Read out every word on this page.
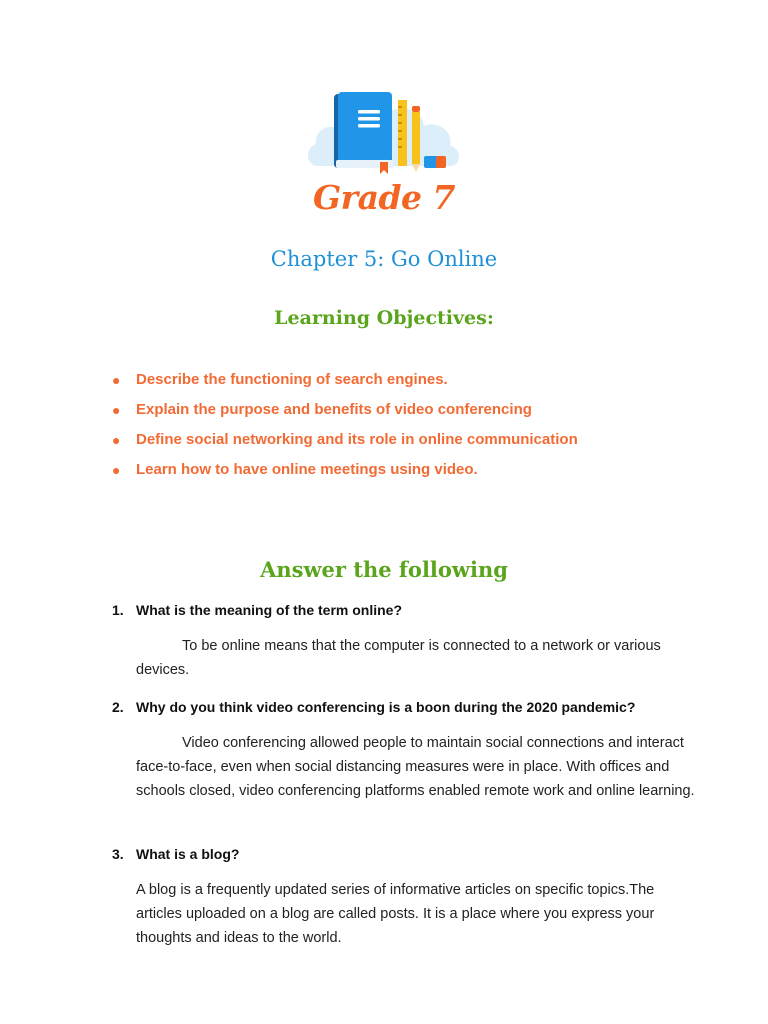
Grade 7
Chapter 5: Go Online
Learning Objectives:
● Describe the functioning of search engines.
● Explain the purpose and benefits of video conferencing
● Define social networking and its role in online communication
● Learn how to have online meetings using video.
Answer the following
1. What is the meaning of the term online?
To be online means that the computer is connected to a network or various devices.
2. Why do you think video conferencing is a boon during the 2020 pandemic?
Video conferencing allowed people to maintain social connections and interact face-to-face, even when social distancing measures were in place. With offices and schools closed, video conferencing platforms enabled remote work and online learning.
3. What is a blog?
A blog is a frequently updated series of informative articles on specific topics.The articles uploaded on a blog are called posts. It is a place where you express your thoughts and ideas to the world.
